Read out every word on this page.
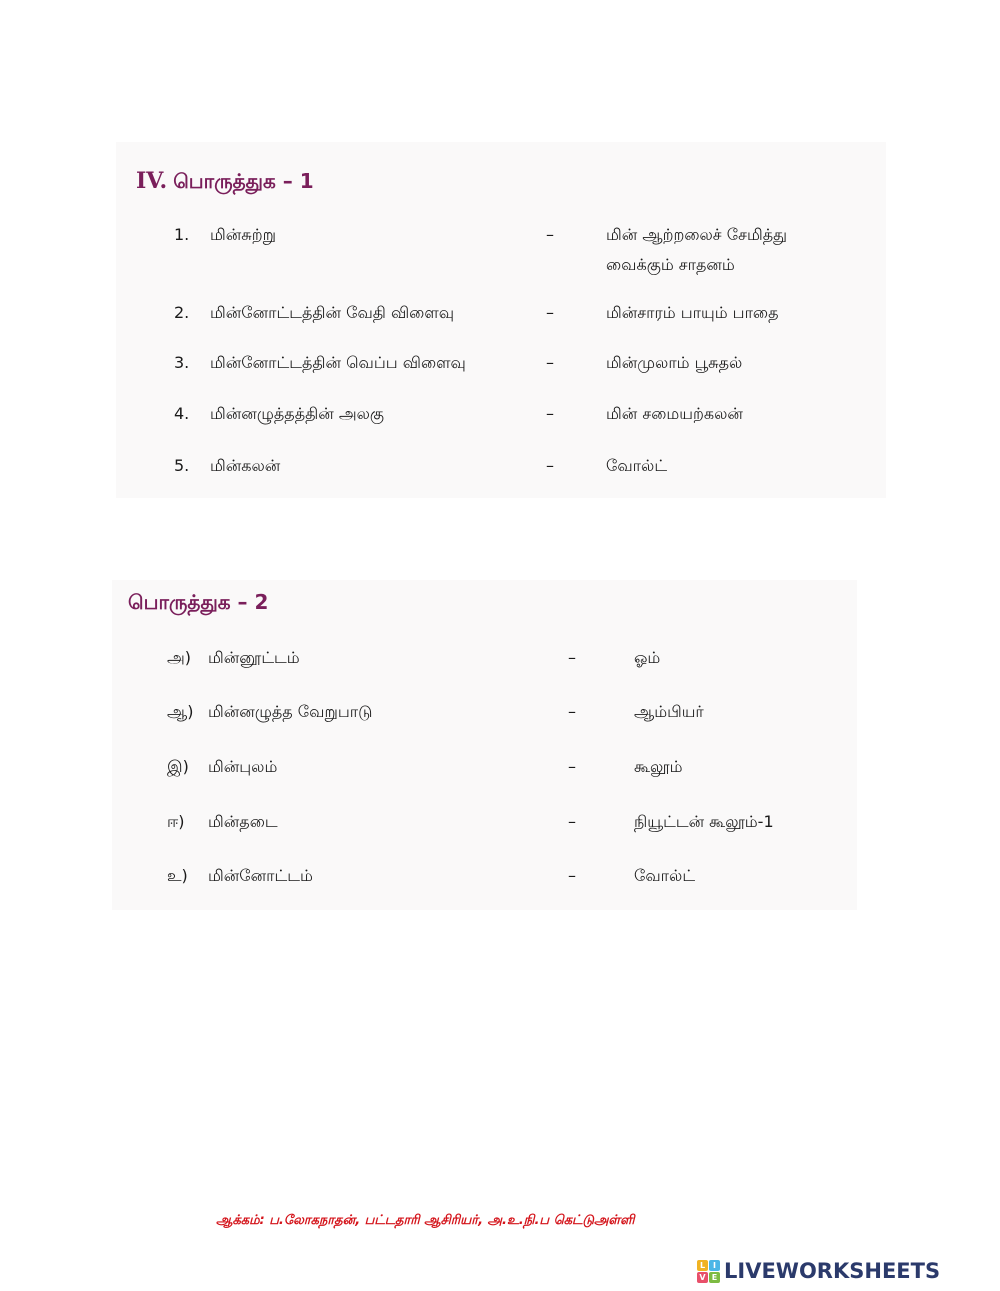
IV. பொருத்துக – 1
1. மின்சுற்று	–	மின் ஆற்றலைச் சேமித்து
வைக்கும் சாதனம்
2. மின்னோட்டத்தின் வேதி விளைவு	–	மின்சாரம் பாயும் பாதை
3. மின்னோட்டத்தின் வெப்ப விளைவு	–	மின்முலாம் பூசுதல்
4. மின்னழுத்தத்தின் அலகு	–	மின் சமையற்கலன்
5. மின்கலன்	–	வோல்ட்
பொருத்துக – 2
அ) மின்னூட்டம்	–	ஓம்
ஆ) மின்னழுத்த வேறுபாடு	–	ஆம்பியர்
இ) மின்புலம்	–	கூலூம்
ஈ) மின்தடை	–	நியூட்டன் கூலூம்-1
உ) மின்னோட்டம்	–	வோல்ட்
ஆக்கம்: ப.லோகநாதன், பட்டதாரி ஆசிரியர், அ.உ.நி.ப கெட்டுஅள்ளி
L I
V E LIVEWORKSHEETS
